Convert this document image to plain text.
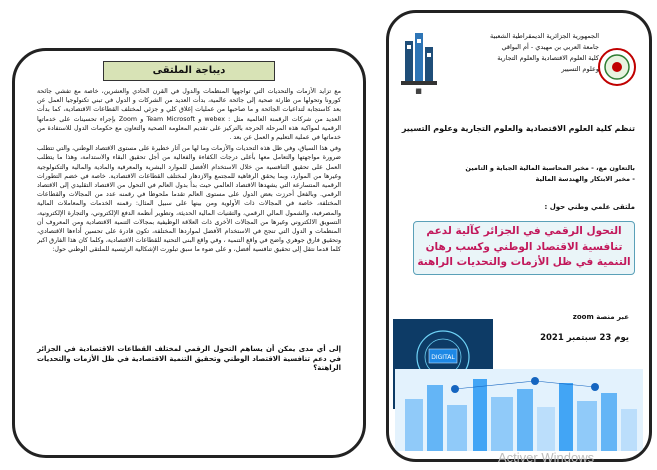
ديباجة الملتقى

مع تزايد الأزمات والتحديات التي تواجهها المنظمات والدول في القرن الحادي والعشرين، خاصة مع تفشي جائحة كورونا وتحولها من طارئة صحية إلى جائحة عالمية، بدأت العديد من الشركات و الدول في تبني تكنولوجيا العمل عن بعد كاستجابة لتداعيات الجائحة و ما صاحبها من عمليات إغلاق كلي و جزئي لمختلف القطاعات الاقتصادية، كما بدأت العديد من شركات الرقمنة العالمية مثل : webex و Team Microsoft و Zoom بإجراء تحسينات على خدماتها الرقمية لمواكبة هذه المرحلة الحرجة بالتركيز على تقديم المعلومة الصحية والتعاون مع حكومات الدول للاستفادة من خدماتها في عملية التعليم و العمل عن بعد .

وفي هذا السياق، وفي ظل هذه التحديات والأزمات وما لها من آثار خطيرة على مستوى الاقتصاد الوطني، والتي تتطلب ضرورة مواجهتها والتعامل معها بأعلى درجات الكفاءة والفعالية من أجل تحقيق البقاء والاستدامة، وهذا ما يتطلب العمل على تحقيق التنافسية من خلال الاستخدام الأفضل للموارد البشرية والمعرفية والمادية والمالية والتكنولوجية وغيرها من الموارد، وبما يحقق الرفاهية للمجتمع والازدهار لمختلف القطاعات الاقتصادية. خاصة في خضم التطورات الرقمية المتسارعة التي يشهدها الاقتصاد العالمي حيث بدأ بدول العالم في التحول من الاقتصاد التقليدي إلى الاقتصاد الرقمي. وبالفعل أحرزت بعض الدول على مستوى العالم تقدما ملحوظا في رقمنه عدد من المجالات والقطاعات المختلفة، خاصة في المجالات ذات الأولوية ومن بينها على سبيل المثال: رقمنه الخدمات والمعاملات المالية والمصرفية، والشمول المالي الرقمي، والتقنيات المالية الحديثة، وتطوير أنظمة الدفع الإلكتروني، والتجارة الإلكترونية، التسويق الالكتروني وغيرها من المجالات الأخرى ذات العلاقة الوظيفية بمجالات التنمية الاقتصادية ومن المعروف أن المنظمات و الدول التي تنجح في الاستخدام الأفضل لمواردها المختلفة، تكون قادرة على تحسين أداءها الاقتصادي، وتحقيق فارق جوهري واضح في واقع التنمية ، وفي واقع البنى التحتية للقطاعات الاقتصادية، وكلما كان هذا الفارق اكبر كلما قدما نتقل إلى تحقيق تنافسية أفضل، و على ضوء ما سبق تبلورت الإشكالية الرئيسية للملتقى الوطني حول:

إلى أي مدى يمكن أن يساهم التحول الرقمي لمختلف القطاعات الاقتصادية في الجزائر في دعم تنافسية الاقتصاد الوطني وتحقيق التنمية الاقتصادية في ظل الأزمات والتحديات الراهنة؟
⬛
الجمهورية الجزائرية الديمقراطية الشعبية
جامعة العربي بن مهيدي - أم البواقي
كلية العلوم الاقتصادية والعلوم التجارية
وعلوم التسيير
تنظم كلية العلوم الاقتصادية والعلوم التجارية وعلوم التسيير
بالتعاون مع، - مخبر المحاسبة المالية الجباية و التامين
- مخبر الابتكار والهندسة المالية
ملتقى علمي وطني حول :
التحول الرقمي في الجزائر كآلية لدعم تنافسية الاقتصاد الوطني وكسب رهان التنمية في ظل الأزمات والتحديات الراهنة
عبر منصة zoom
يوم 23 سبتمبر 2021
DIGITAL
Activer Windows
